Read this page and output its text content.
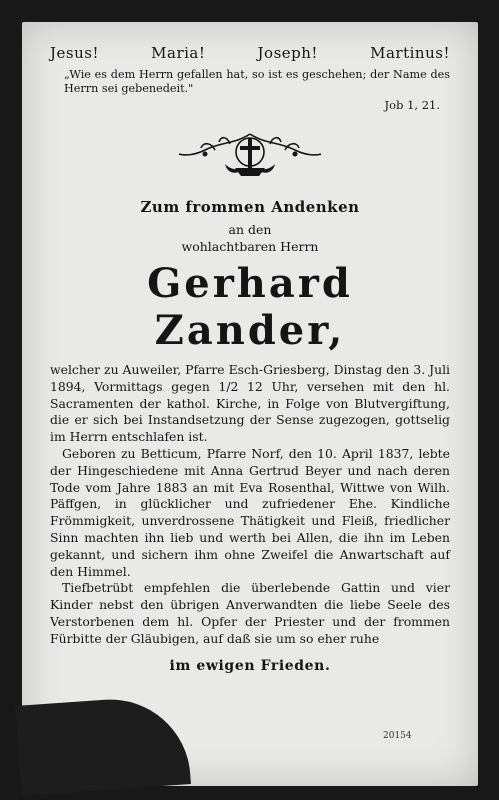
Jesus!	Maria!	Joseph!	Martinus!

„Wie es dem Herrn gefallen hat, so ist es geschehen; der Name des Herrn sei gebenedeit."

Job 1, 21.
Zum frommen Andenken
an den
wohlachtbaren Herrn
Gerhard Zander,

welcher zu Auweiler, Pfarre Esch-Griesberg, Dinstag den 3. Juli 1894, Vormittags gegen 1/2 12 Uhr, versehen mit den hl. Sacramenten der kathol. Kirche, in Folge von Blutvergiftung, die er sich bei Instandsetzung der Sense zugezogen, gottselig im Herrn entschlafen ist.

Geboren zu Betticum, Pfarre Norf, den 10. April 1837, lebte der Hingeschiedene mit Anna Gertrud Beyer und nach deren Tode vom Jahre 1883 an mit Eva Rosenthal, Wittwe von Wilh. Päffgen, in glücklicher und zufriedener Ehe. Kindliche Frömmigkeit, unverdrossene Thätigkeit und Fleiß, friedlicher Sinn machten ihn lieb und werth bei Allen, die ihn im Leben gekannt, und sichern ihm ohne Zweifel die Anwartschaft auf den Himmel.

Tiefbetrübt empfehlen die überlebende Gattin und vier Kinder nebst den übrigen Anverwandten die liebe Seele des Verstorbenen dem hl. Opfer der Priester und der frommen Fürbitte der Gläubigen, auf daß sie um so eher ruhe

im ewigen Frieden.
20154
